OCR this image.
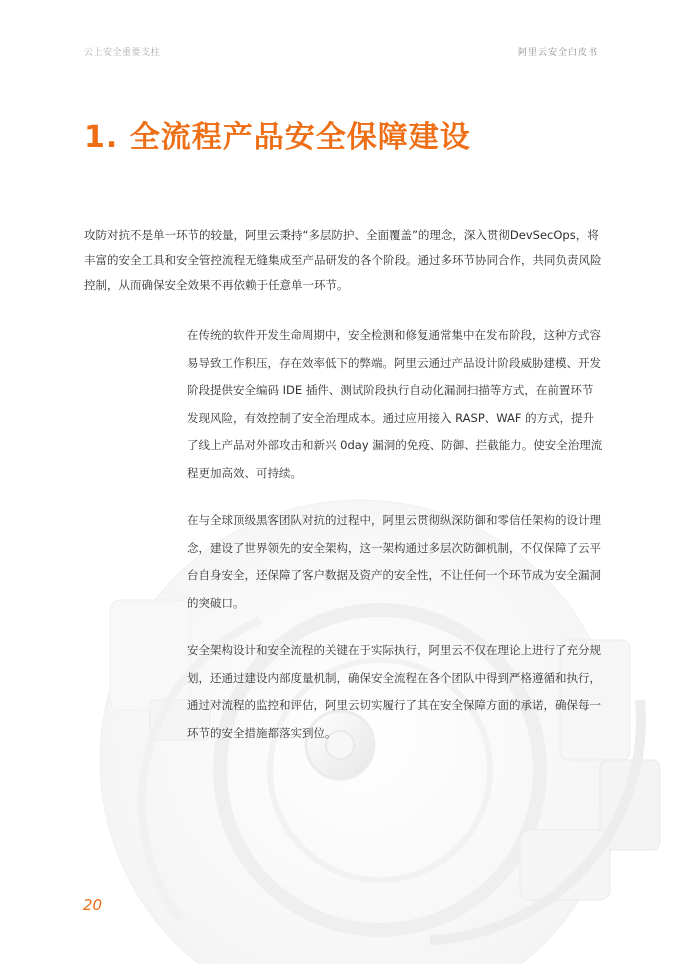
云上安全重要支柱	阿里云安全白皮书
1. 全流程产品安全保障建设

攻防对抗不是单一环节的较量，阿里云秉持“多层防护、全面覆盖”的理念，深入贯彻DevSecOps，将丰富的安全工具和安全管控流程无缝集成至产品研发的各个阶段。通过多环节协同合作，共同负责风险控制，从而确保安全效果不再依赖于任意单一环节。

在传统的软件开发生命周期中，安全检测和修复通常集中在发布阶段，这种方式容易导致工作积压，存在效率低下的弊端。阿里云通过产品设计阶段威胁建模、开发阶段提供安全编码 IDE 插件、测试阶段执行自动化漏洞扫描等方式，在前置环节发现风险，有效控制了安全治理成本。通过应用接入 RASP、WAF 的方式，提升了线上产品对外部攻击和新兴 0day 漏洞的免疫、防御、拦截能力。使安全治理流程更加高效、可持续。

在与全球顶级黑客团队对抗的过程中，阿里云贯彻纵深防御和零信任架构的设计理念，建设了世界领先的安全架构，这一架构通过多层次防御机制，不仅保障了云平台自身安全，还保障了客户数据及资产的安全性，不让任何一个环节成为安全漏洞的突破口。

安全架构设计和安全流程的关键在于实际执行，阿里云不仅在理论上进行了充分规划，还通过建设内部度量机制，确保安全流程在各个团队中得到严格遵循和执行，通过对流程的监控和评估，阿里云切实履行了其在安全保障方面的承诺，确保每一环节的安全措施都落实到位。

20
